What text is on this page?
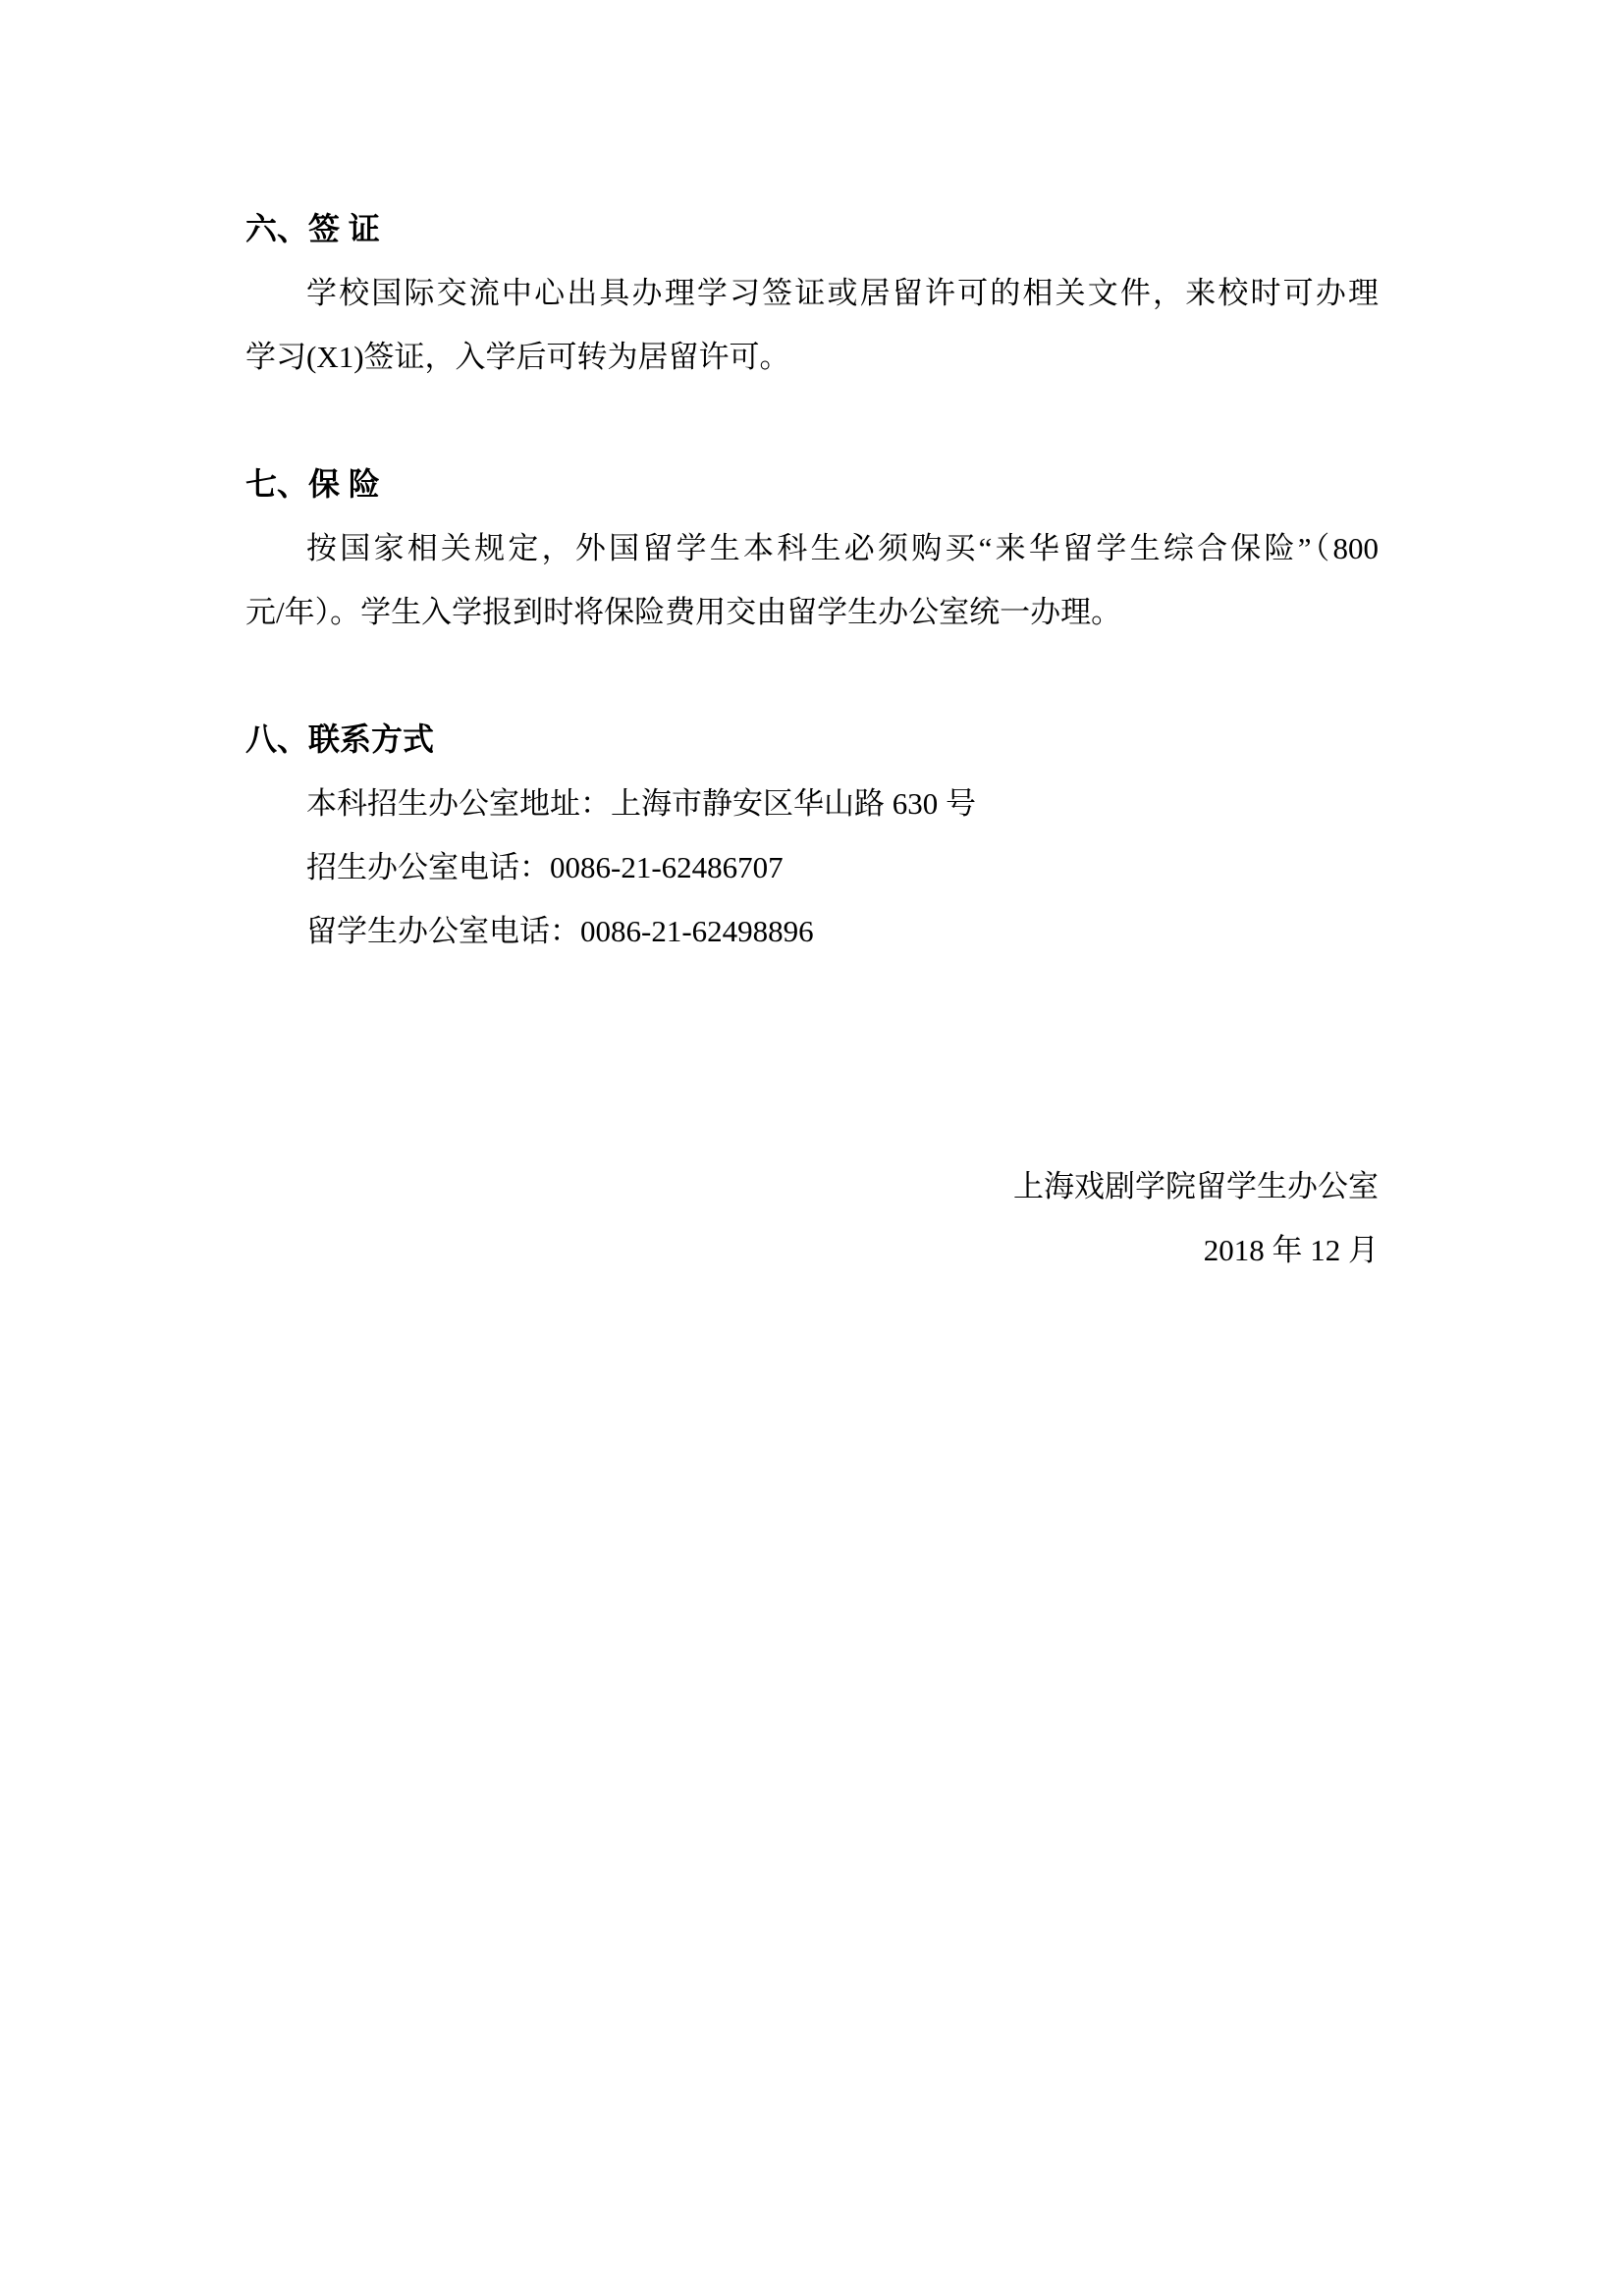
六、签 证

学校国际交流中心出具办理学习签证或居留许可的相关文件，来校时可办理

学习(X1)签证，入学后可转为居留许可。

七、保 险

按国家相关规定，外国留学生本科生必须购买“来华留学生综合保险”（800

元/年）。学生入学报到时将保险费用交由留学生办公室统一办理。

八、联系方式

本科招生办公室地址：上海市静安区华山路 630 号

招生办公室电话：0086-21-62486707

留学生办公室电话：0086-21-62498896

上海戏剧学院留学生办公室

2018 年 12 月
